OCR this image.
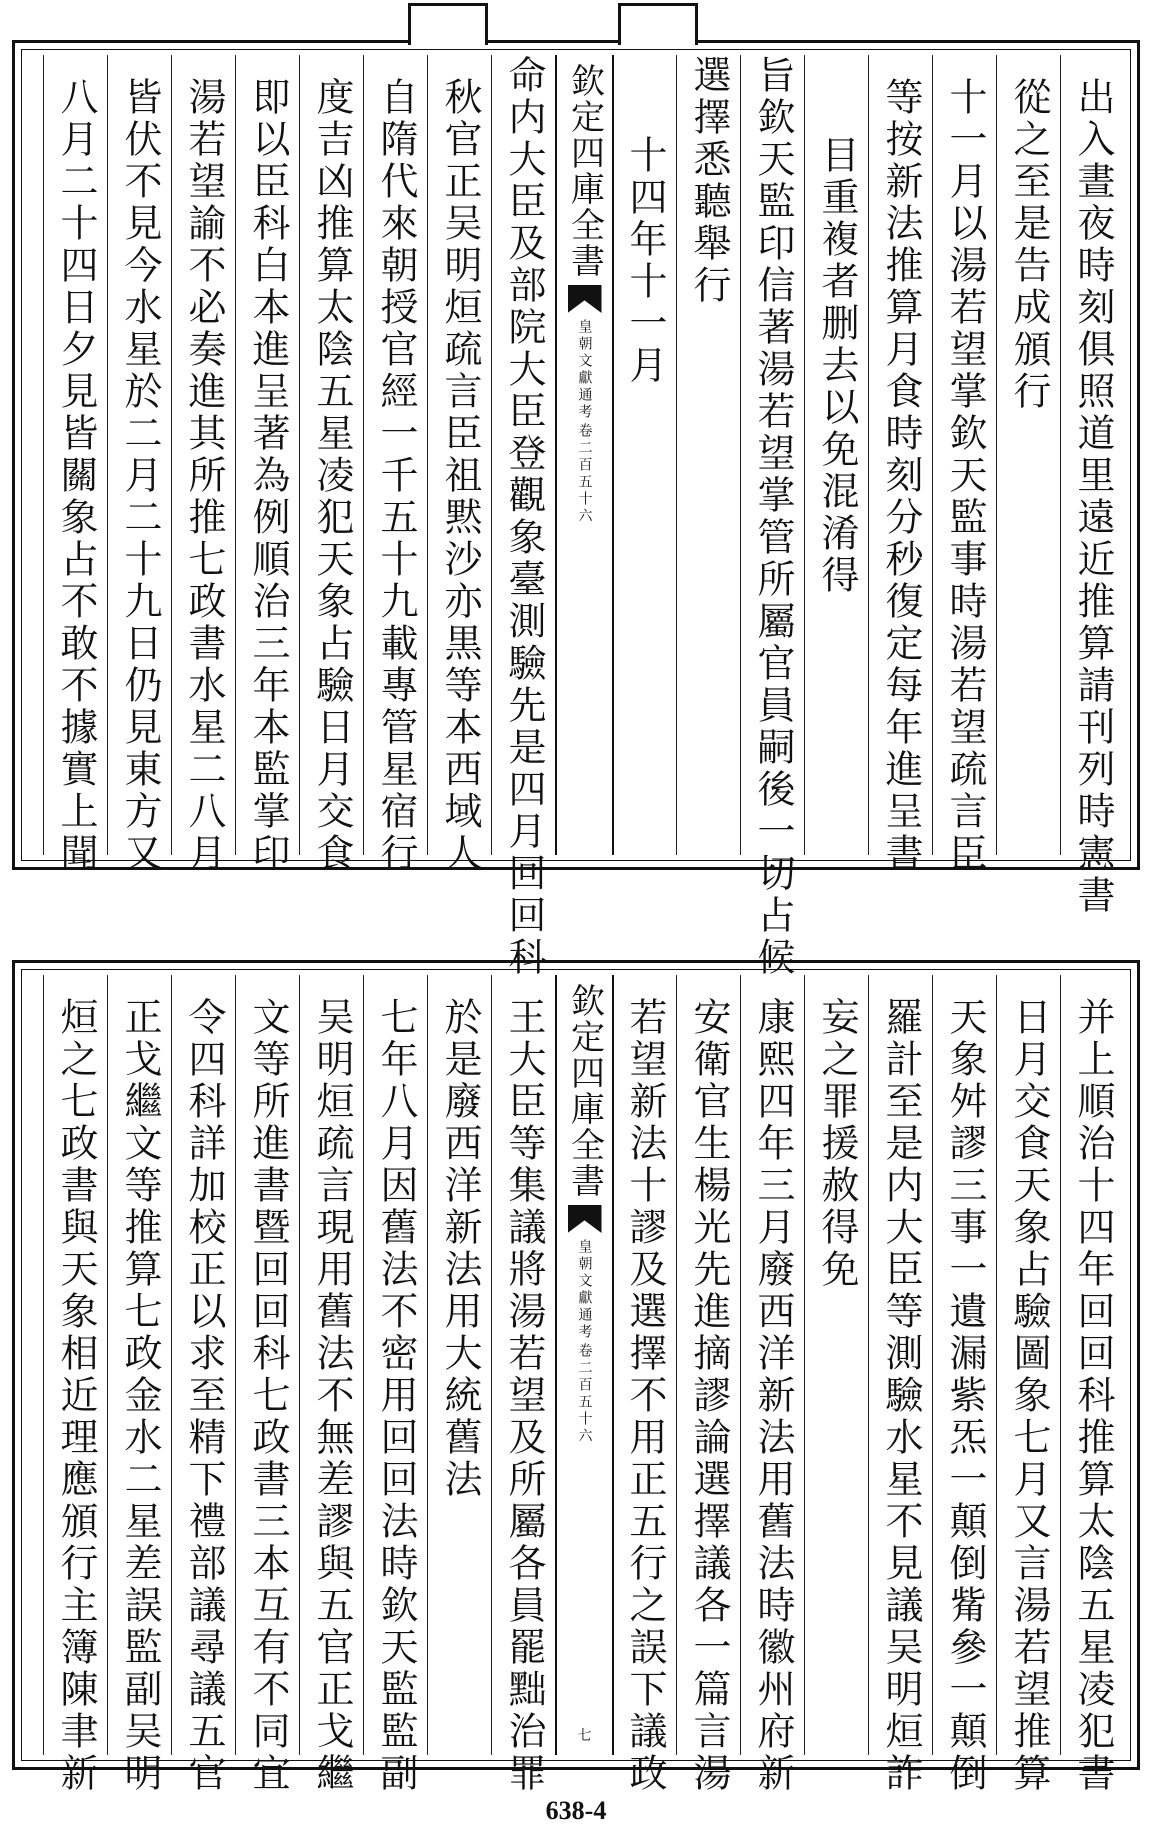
出入晝夜時刻俱照道里遠近推算請刊列時憲書
從之至是告成頒行
十一月以湯若望掌欽天監事時湯若望疏言臣
等按新法推算月食時刻分秒復定每年進呈書
目重複者删去以免混淆得
旨欽天監印信著湯若望掌管所屬官員嗣後一切占候
選擇悉聽舉行
十四年十一月
欽定四庫全書
皇朝文獻通考
卷二百五十六
命内大臣及部院大臣登觀象臺測驗先是四月回回科
秋官正吴明烜疏言臣祖黙沙亦黒等本西域人
自隋代來朝授官經一千五十九載專管星宿行
度吉凶推算太陰五星凌犯天象占驗日月交食
即以臣科白本進呈著為例順治三年本監掌印
湯若望諭不必奏進其所推七政書水星二八月
皆伏不見今水星於二月二十九日仍見東方又
八月二十四日夕見皆關象占不敢不據實上聞
并上順治十四年回回科推算太陰五星凌犯書
日月交食天象占驗圖象七月又言湯若望推算
天象舛謬三事一遺漏紫炁一顛倒觜參一顛倒
羅計至是内大臣等測驗水星不見議吴明烜詐
妄之罪援赦得免
康熙四年三月廢西洋新法用舊法時徽州府新
安衛官生楊光先進摘謬論選擇議各一篇言湯
若望新法十謬及選擇不用正五行之誤下議政
欽定四庫全書
皇朝文獻通考
卷二百五十六
七
王大臣等集議將湯若望及所屬各員罷黜治罪
於是廢西洋新法用大統舊法
七年八月因舊法不密用回回法時欽天監監副
吴明烜疏言現用舊法不無差謬與五官正戈繼
文等所進書暨回回科七政書三本互有不同宜
令四科詳加校正以求至精下禮部議尋議五官
正戈繼文等推算七政金水二星差誤監副吴明
烜之七政書與天象相近理應頒行主簿陳聿新
638-4
